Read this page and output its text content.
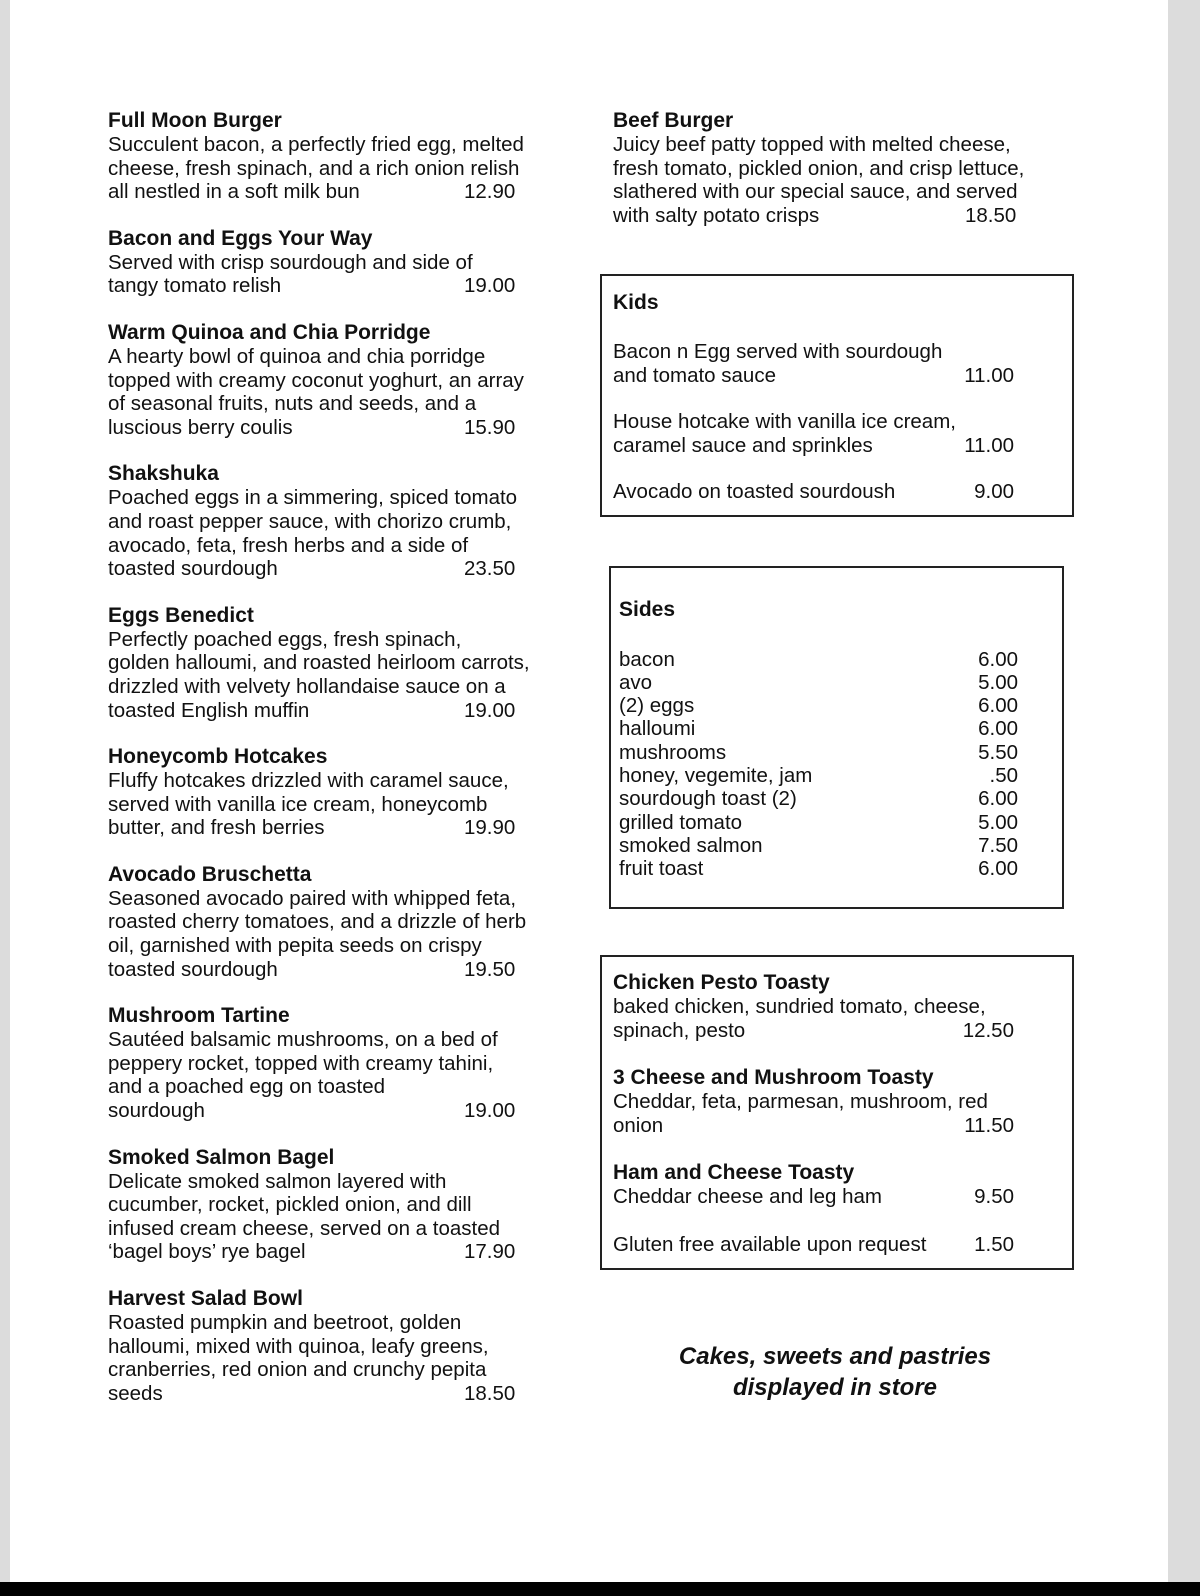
Full Moon Burger
Succulent bacon, a perfectly fried egg, melted
cheese, fresh spinach, and a rich onion relish
all nestled in a soft milk bun	12.90
Bacon and Eggs Your Way
Served with crisp sourdough and side of
tangy tomato relish	19.00
Warm Quinoa and Chia Porridge
A hearty bowl of quinoa and chia porridge
topped with creamy coconut yoghurt, an array
of seasonal fruits, nuts and seeds, and a
luscious berry coulis	15.90
Shakshuka
Poached eggs in a simmering, spiced tomato
and roast pepper sauce, with chorizo crumb,
avocado, feta, fresh herbs and a side of
toasted sourdough	23.50
Eggs Benedict
Perfectly poached eggs, fresh spinach,
golden halloumi, and roasted heirloom carrots,
drizzled with velvety hollandaise sauce on a
toasted English muffin	19.00
Honeycomb Hotcakes
Fluffy hotcakes drizzled with caramel sauce,
served with vanilla ice cream, honeycomb
butter, and fresh berries	19.90
Avocado Bruschetta
Seasoned avocado paired with whipped feta,
roasted cherry tomatoes, and a drizzle of herb
oil, garnished with pepita seeds on crispy
toasted sourdough	19.50
Mushroom Tartine
Sautéed balsamic mushrooms, on a bed of
peppery rocket, topped with creamy tahini,
and a poached egg on toasted
sourdough	19.00
Smoked Salmon Bagel
Delicate smoked salmon layered with
cucumber, rocket, pickled onion, and dill
infused cream cheese, served on a toasted
‘bagel boys’ rye bagel	17.90
Harvest Salad Bowl
Roasted pumpkin and beetroot, golden
halloumi, mixed with quinoa, leafy greens,
cranberries, red onion and crunchy pepita
seeds	18.50
Beef Burger
Juicy beef patty topped with melted cheese,
fresh tomato, pickled onion, and crisp lettuce,
slathered with our special sauce, and served
with salty potato crisps	18.50
Kids
Bacon n Egg served with sourdough
and tomato sauce	11.00
House hotcake with vanilla ice cream,
caramel sauce and sprinkles	11.00
Avocado on toasted sourdoush	9.00
Sides
bacon	6.00
avo	5.00
(2) eggs	6.00
halloumi	6.00
mushrooms	5.50
honey, vegemite, jam	.50
sourdough toast (2)	6.00
grilled tomato	5.00
smoked salmon	7.50
fruit toast	6.00
Chicken Pesto Toasty
baked chicken, sundried tomato, cheese,
spinach, pesto	12.50
3 Cheese and Mushroom Toasty
Cheddar, feta, parmesan, mushroom, red
onion	11.50
Ham and Cheese Toasty
Cheddar cheese and leg ham	9.50
Gluten free available upon request 1.50
Cakes, sweets and pastries
displayed in store
